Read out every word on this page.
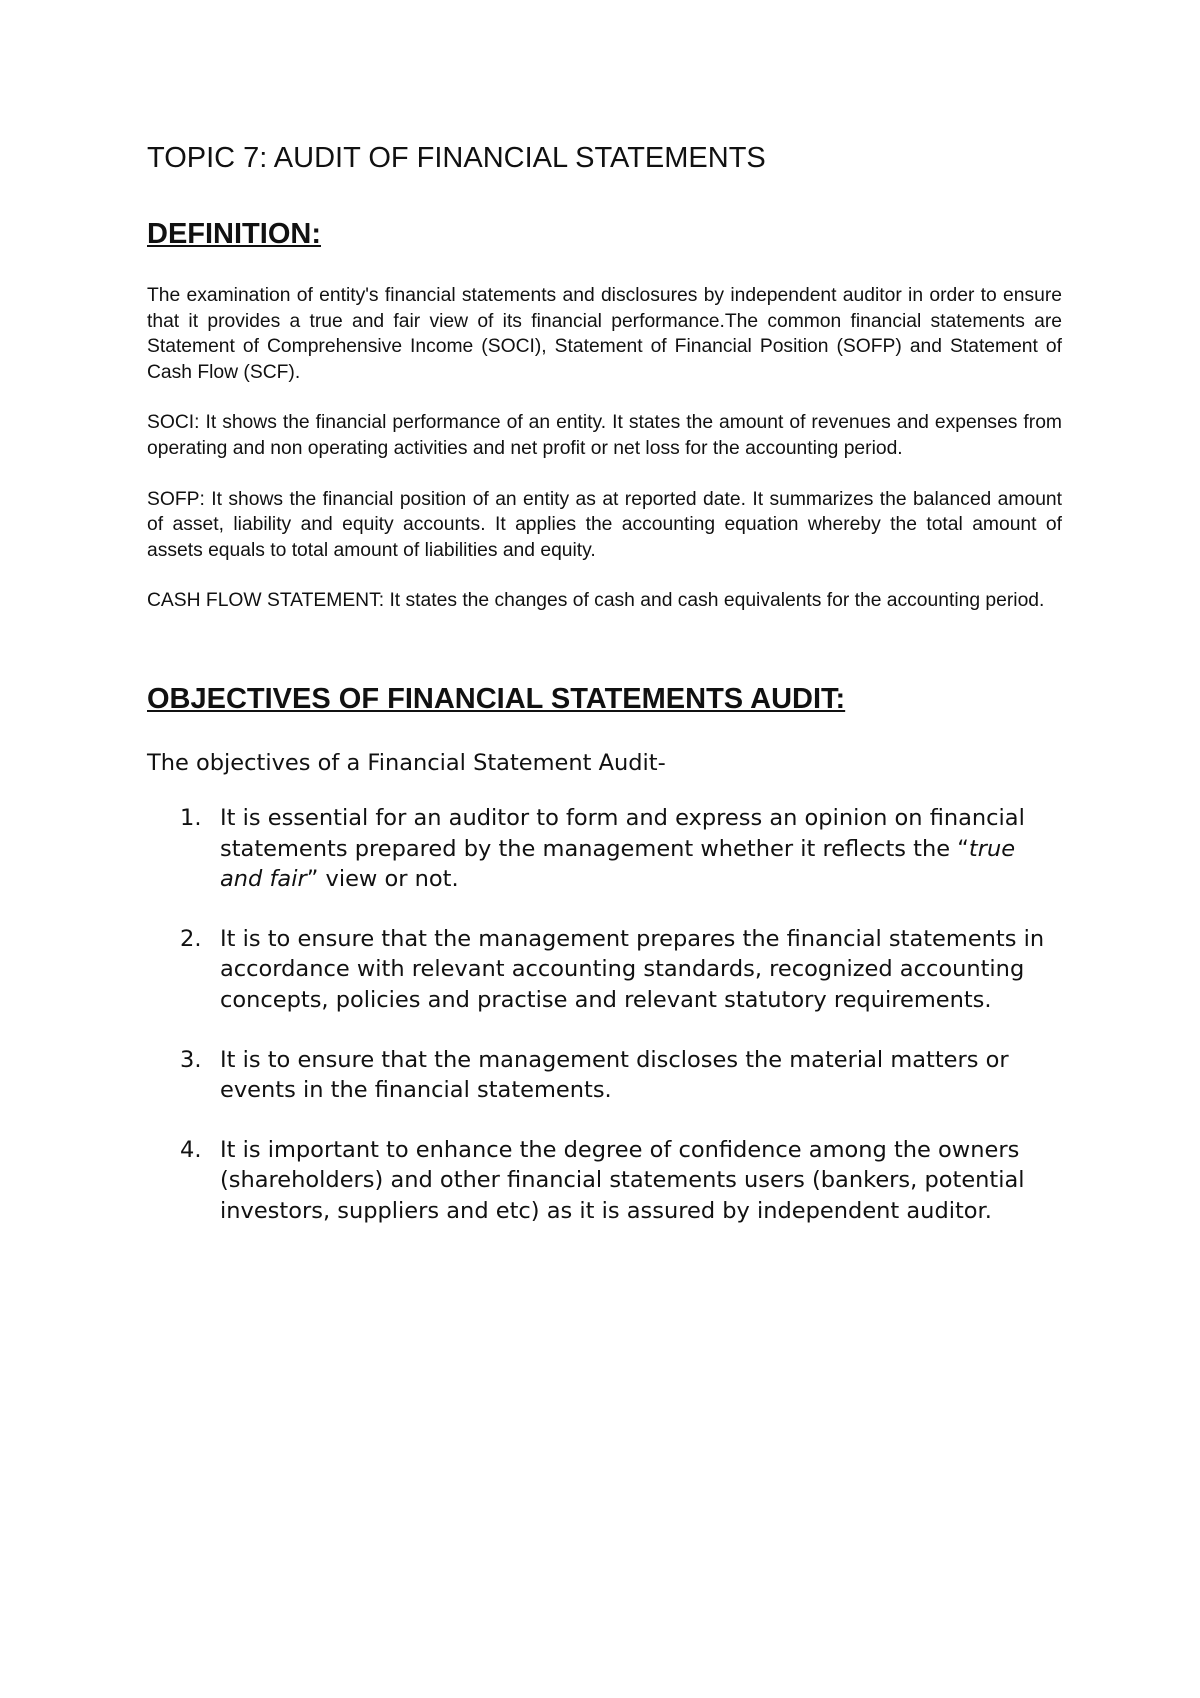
TOPIC 7: AUDIT OF FINANCIAL STATEMENTS
DEFINITION:

The examination of entity's financial statements and disclosures by independent auditor in order to ensure that it provides a true and fair view of its financial performance.The common financial statements are Statement of Comprehensive Income (SOCI), Statement of Financial Position (SOFP) and Statement of Cash Flow (SCF).

SOCI: It shows the financial performance of an entity. It states the amount of revenues and expenses from operating and non operating activities and net profit or net loss for the accounting period.

SOFP: It shows the financial position of an entity as at reported date. It summarizes the balanced amount of asset, liability and equity accounts. It applies the accounting equation whereby the total amount of assets equals to total amount of liabilities and equity.

CASH FLOW STATEMENT: It states the changes of cash and cash equivalents for the accounting period.

OBJECTIVES OF FINANCIAL STATEMENTS AUDIT:

The objectives of a Financial Statement Audit-

1. It is essential for an auditor to form and express an opinion on financial statements prepared by the management whether it reflects the “true and fair” view or not.
2. It is to ensure that the management prepares the financial statements in accordance with relevant accounting standards, recognized accounting concepts, policies and practise and relevant statutory requirements.
3. It is to ensure that the management discloses the material matters or events in the financial statements.
4. It is important to enhance the degree of confidence among the owners (shareholders) and other financial statements users (bankers, potential investors, suppliers and etc) as it is assured by independent auditor.
